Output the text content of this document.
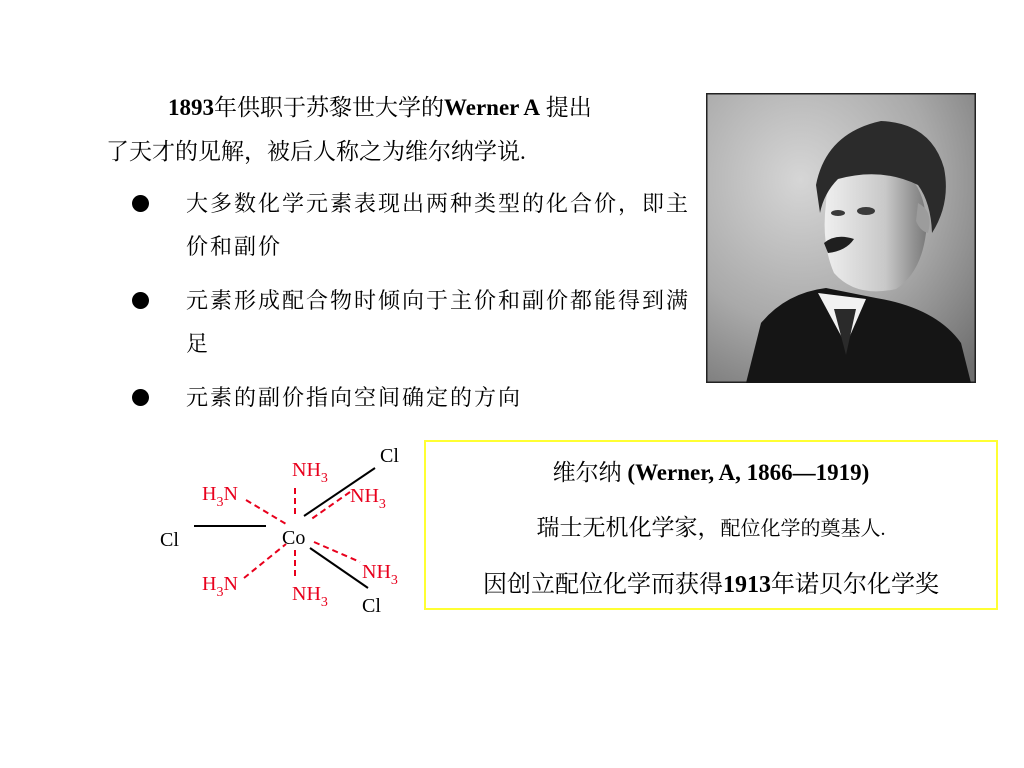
1893年供职于苏黎世大学的Werner A 提出
了天才的见解，被后人称之为维尔纳学说.
大多数化学元素表现出两种类型的化合价，即主价和副价
元素形成配合物时倾向于主价和副价都能得到满足
元素的副价指向空间确定的方向
Co
Cl
Cl
Cl
$NH_3$
$H_3N$	$NH_3$
$NH_3$
$H_3N$	$NH_3$
维尔纳 (Werner, A, 1866—1919)
瑞士无机化学家，配位化学的奠基人.
因创立配位化学而获得1913年诺贝尔化学奖
